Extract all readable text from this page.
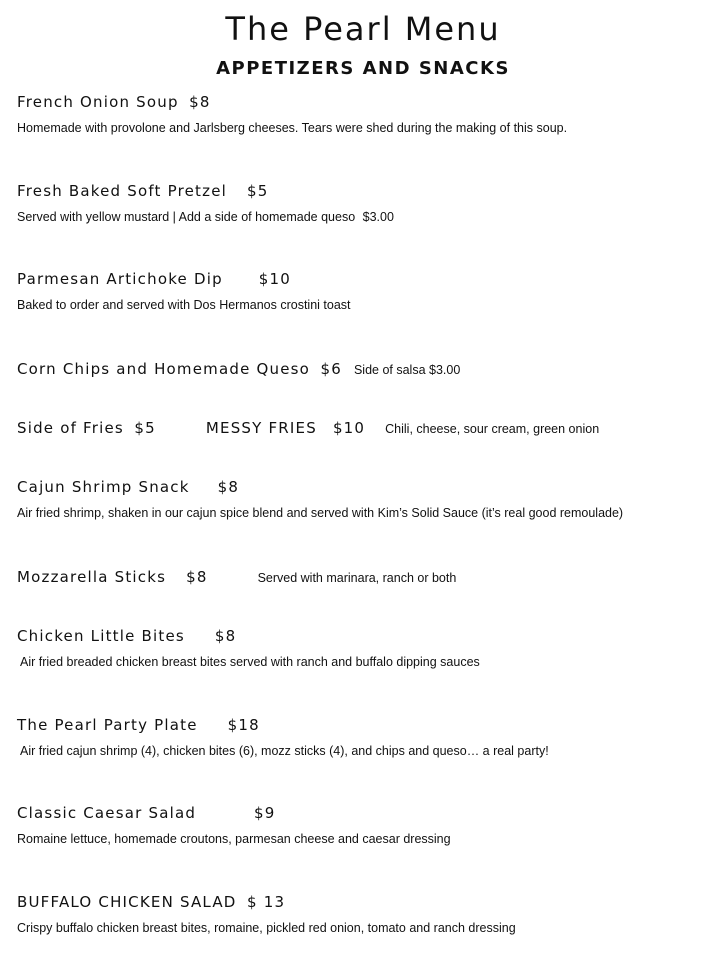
The Pearl Menu
APPETIZERS AND SNACKS
French Onion Soup $8
Homemade with provolone and Jarlsberg cheeses. Tears were shed during the making of this soup.
Fresh Baked Soft Pretzel $5
Served with yellow mustard | Add a side of homemade queso $3.00
Parmesan Artichoke Dip $10
Baked to order and served with Dos Hermanos crostini toast
Corn Chips and Homemade Queso $6 Side of salsa $3.00
Side of Fries $5	MESSY FRIES $10 Chili, cheese, sour cream, green onion
Cajun Shrimp Snack $8
Air fried shrimp, shaken in our cajun spice blend and served with Kim’s Solid Sauce (it’s real good remoulade)
Mozzarella Sticks $8	Served with marinara, ranch or both
Chicken Little Bites $8
Air fried breaded chicken breast bites served with ranch and buffalo dipping sauces
The Pearl Party Plate $18
Air fried cajun shrimp (4), chicken bites (6), mozz sticks (4), and chips and queso… a real party!
Classic Caesar Salad	$9
Romaine lettuce, homemade croutons, parmesan cheese and caesar dressing
BUFFALO CHICKEN SALAD $ 13
Crispy buffalo chicken breast bites, romaine, pickled red onion, tomato and ranch dressing
